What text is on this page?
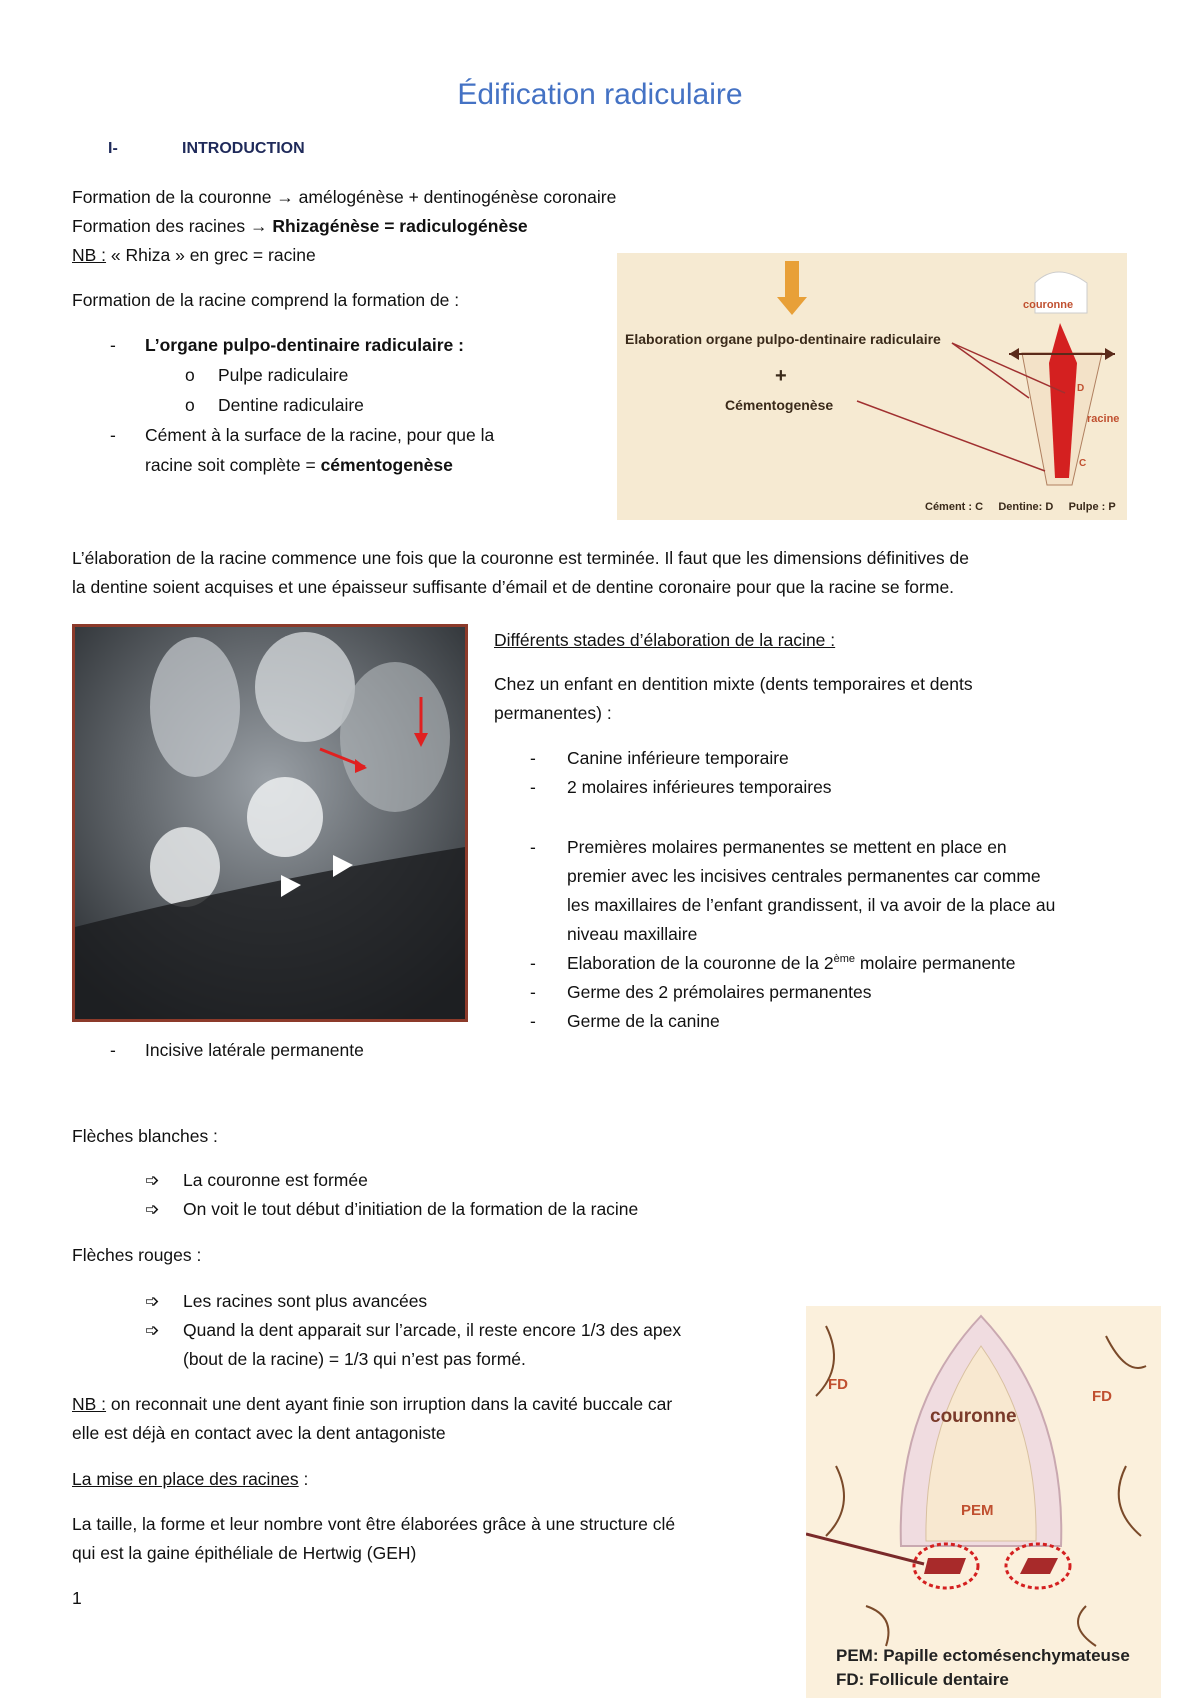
Édification radiculaire
I-	INTRODUCTION
Formation de la couronne → amélogénèse + dentinogénèse coronaire
Formation des racines → Rhizagénèse = radiculogénèse
NB : « Rhiza » en grec = racine
Formation de la racine comprend la formation de :
- L’organe pulpo-dentinaire radiculaire :
o Pulpe radiculaire
o Dentine radiculaire
- Cément à la surface de la racine, pour que la
racine soit complète = cémentogenèse
Elaboration organe pulpo-dentinaire radiculaire
+
Cémentogenèse
couronne
racine
D
C
Cément : C     Dentine: D     Pulpe : P
L’élaboration de la racine commence une fois que la couronne est terminée. Il faut que les dimensions définitives de
la dentine soient acquises et une épaisseur suffisante d’émail et de dentine coronaire pour que la racine se forme.
Différents stades d’élaboration de la racine :
Chez un enfant en dentition mixte (dents temporaires et dents
permanentes) :
- Canine inférieure temporaire
- 2 molaires inférieures temporaires
- Premières molaires permanentes se mettent en place en
premier avec les incisives centrales permanentes car comme
les maxillaires de l’enfant grandissent, il va avoir de la place au
niveau maxillaire
- Elaboration de la couronne de la 2ème molaire permanente
- Germe des 2 prémolaires permanentes
- Germe de la canine
- Incisive latérale permanente
Flèches blanches :
➩ La couronne est formée
➩ On voit le tout début d’initiation de la formation de la racine
Flèches rouges :
➩ Les racines sont plus avancées
➩ Quand la dent apparait sur l’arcade, il reste encore 1/3 des apex
(bout de la racine) = 1/3 qui n’est pas formé.
NB : on reconnait une dent ayant finie son irruption dans la cavité buccale car
elle est déjà en contact avec la dent antagoniste
La mise en place des racines :
La taille, la forme et leur nombre vont être élaborées grâce à une structure clé
qui est la gaine épithéliale de Hertwig (GEH)
1
FD
FD
couronne
PEM
PEM: Papille ectomésenchymateuse
FD: Follicule dentaire
